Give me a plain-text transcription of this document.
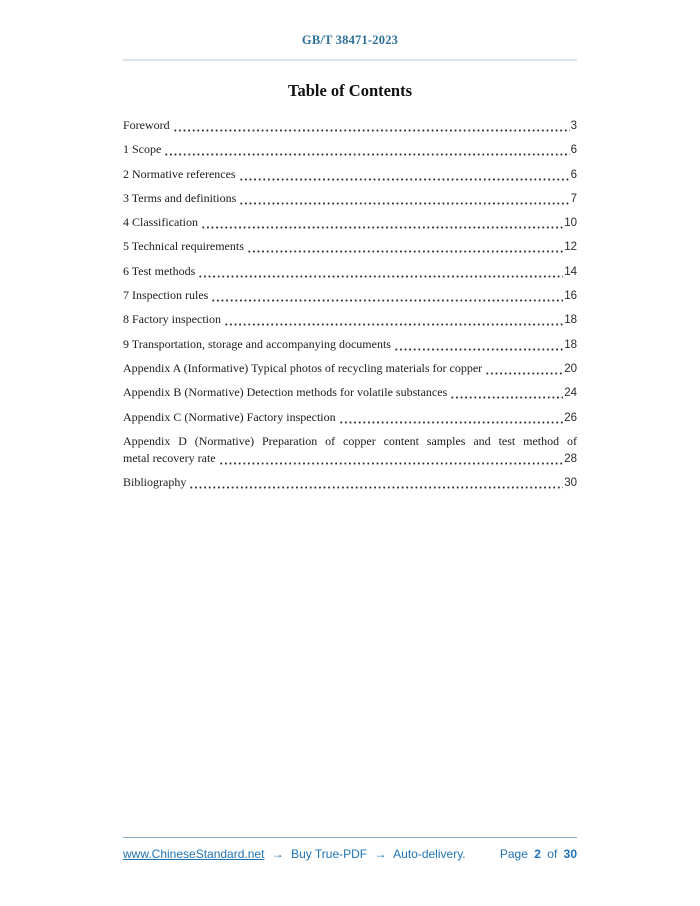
GB/T 38471-2023
Table of Contents
Foreword	3
1 Scope	6
2 Normative references	6
3 Terms and definitions	7
4 Classification	10
5 Technical requirements	12
6 Test methods	14
7 Inspection rules	16
8 Factory inspection	18
9 Transportation, storage and accompanying documents	18
Appendix A (Informative) Typical photos of recycling materials for copper	20
Appendix B (Normative) Detection methods for volatile substances	24
Appendix C (Normative) Factory inspection	26
Appendix D (Normative) Preparation of copper content samples and test method of
metal recovery rate	28
Bibliography	30
www.ChineseStandard.net → Buy True-PDF → Auto-delivery.	Page 2 of 30
